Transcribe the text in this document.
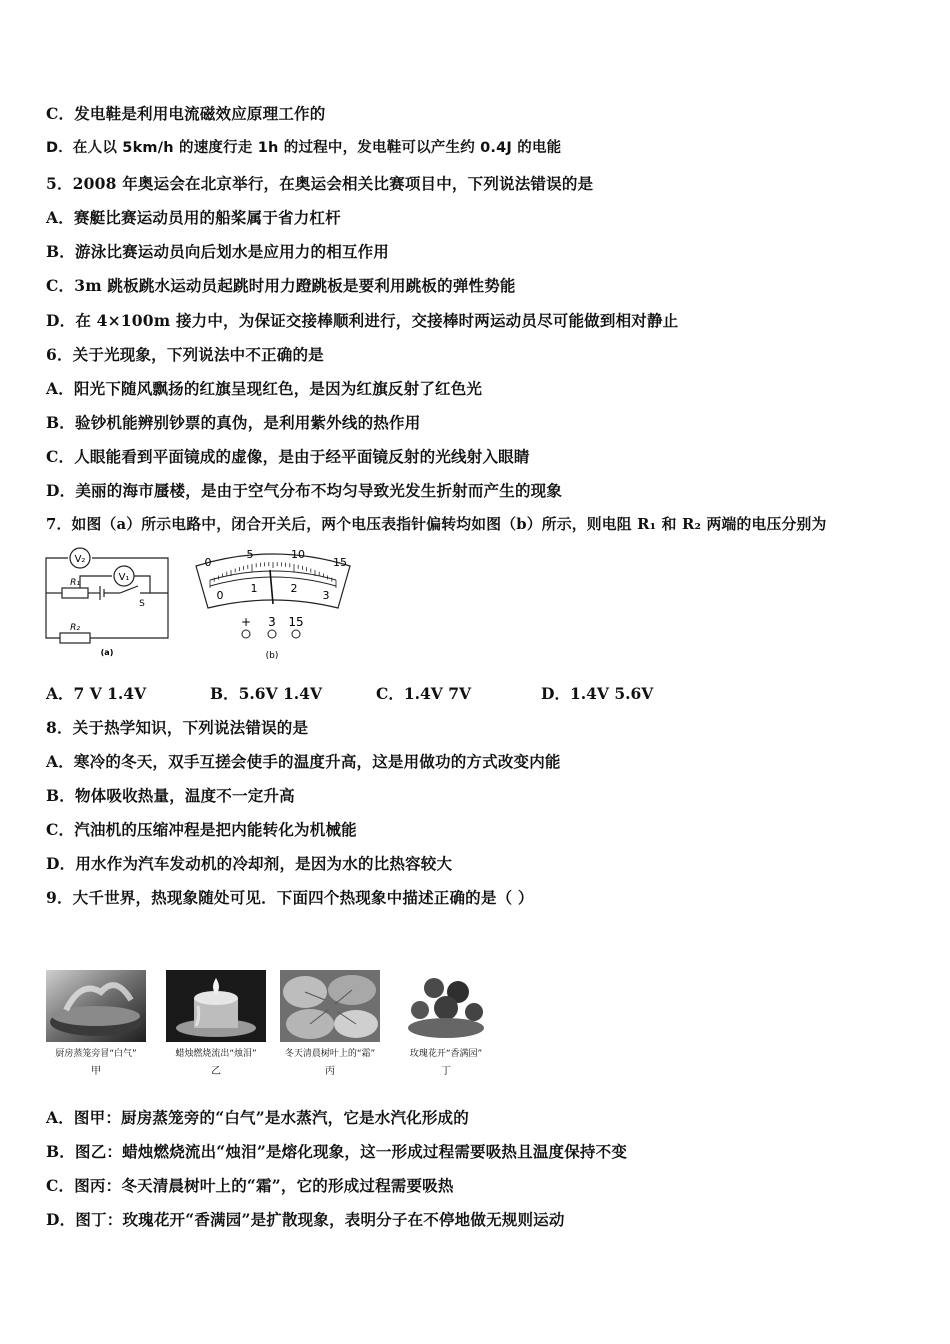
C．发电鞋是利用电流磁效应原理工作的
D．在人以 5km/h 的速度行走 1h 的过程中，发电鞋可以产生约 0.4J 的电能
5．2008 年奥运会在北京举行，在奥运会相关比赛项目中，下列说法错误的是
A．赛艇比赛运动员用的船桨属于省力杠杆
B．游泳比赛运动员向后划水是应用力的相互作用
C．3m 跳板跳水运动员起跳时用力蹬跳板是要利用跳板的弹性势能
D．在 4×100m 接力中，为保证交接棒顺利进行，交接棒时两运动员尽可能做到相对静止
6．关于光现象，下列说法中不正确的是
A．阳光下随风飘扬的红旗呈现红色，是因为红旗反射了红色光
B．验钞机能辨别钞票的真伪，是利用紫外线的热作用
C．人眼能看到平面镜成的虚像，是由于经平面镜反射的光线射入眼睛
D．美丽的海市蜃楼，是由于空气分布不均匀导致光发生折射而产生的现象
7．如图（a）所示电路中，闭合开关后，两个电压表指针偏转均如图（b）所示，则电阻 R₁ 和 R₂ 两端的电压分别为
V₂
V₁
R₁
R₂
S
(a)
0
5	10
15
0
1	2
3
+ 3 15
(b)
A．7 V 1.4V	B．5.6V 1.4V	C．1.4V 7V	D．1.4V 5.6V
8．关于热学知识，下列说法错误的是
A．寒冷的冬天，双手互搓会使手的温度升高，这是用做功的方式改变内能
B．物体吸收热量，温度不一定升高
C．汽油机的压缩冲程是把内能转化为机械能
D．用水作为汽车发动机的冷却剂，是因为水的比热容较大
9．大千世界，热现象随处可见．下面四个热现象中描述正确的是（ ）
厨房蒸笼旁冒“白气”
甲
蜡烛燃烧流出“烛泪”
乙
冬天清晨树叶上的“霜”
丙
玫瑰花开“香满园”
丁
A．图甲：厨房蒸笼旁的“白气”是水蒸汽，它是水汽化形成的
B．图乙：蜡烛燃烧流出“烛泪”是熔化现象，这一形成过程需要吸热且温度保持不变
C．图丙：冬天清晨树叶上的“霜”，它的形成过程需要吸热
D．图丁：玫瑰花开“香满园”是扩散现象，表明分子在不停地做无规则运动
